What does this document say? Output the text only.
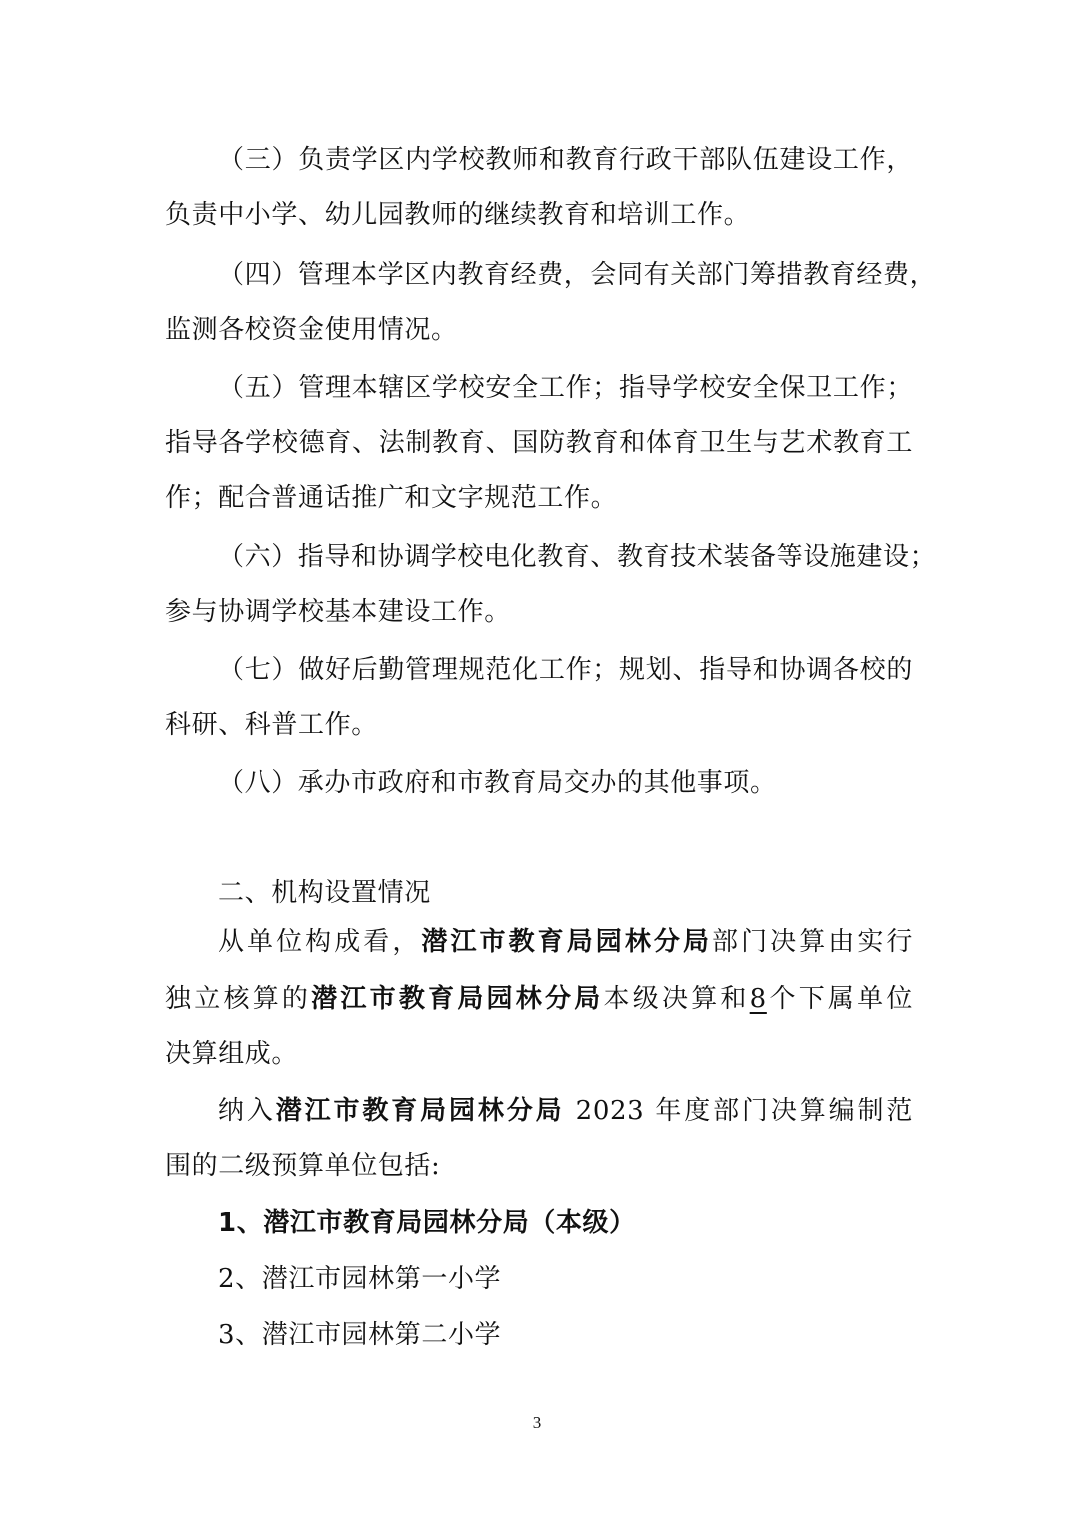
（三）负责学区内学校教师和教育行政干部队伍建设工作，
负责中小学、幼儿园教师的继续教育和培训工作。
（四）管理本学区内教育经费，会同有关部门筹措教育经费，
监测各校资金使用情况。
（五）管理本辖区学校安全工作；指导学校安全保卫工作；
指导各学校德育、法制教育、国防教育和体育卫生与艺术教育工
作；配合普通话推广和文字规范工作。
（六）指导和协调学校电化教育、教育技术装备等设施建设；
参与协调学校基本建设工作。
（七）做好后勤管理规范化工作；规划、指导和协调各校的
科研、科普工作。
（八）承办市政府和市教育局交办的其他事项。
二、机构设置情况
从单位构成看，潜江市教育局园林分局部门决算由实行
独立核算的潜江市教育局园林分局本级决算和8个下属单位
决算组成。
纳入潜江市教育局园林分局 2023 年度部门决算编制范
围的二级预算单位包括:
1、潜江市教育局园林分局（本级）
2、潜江市园林第一小学
3、潜江市园林第二小学
3
